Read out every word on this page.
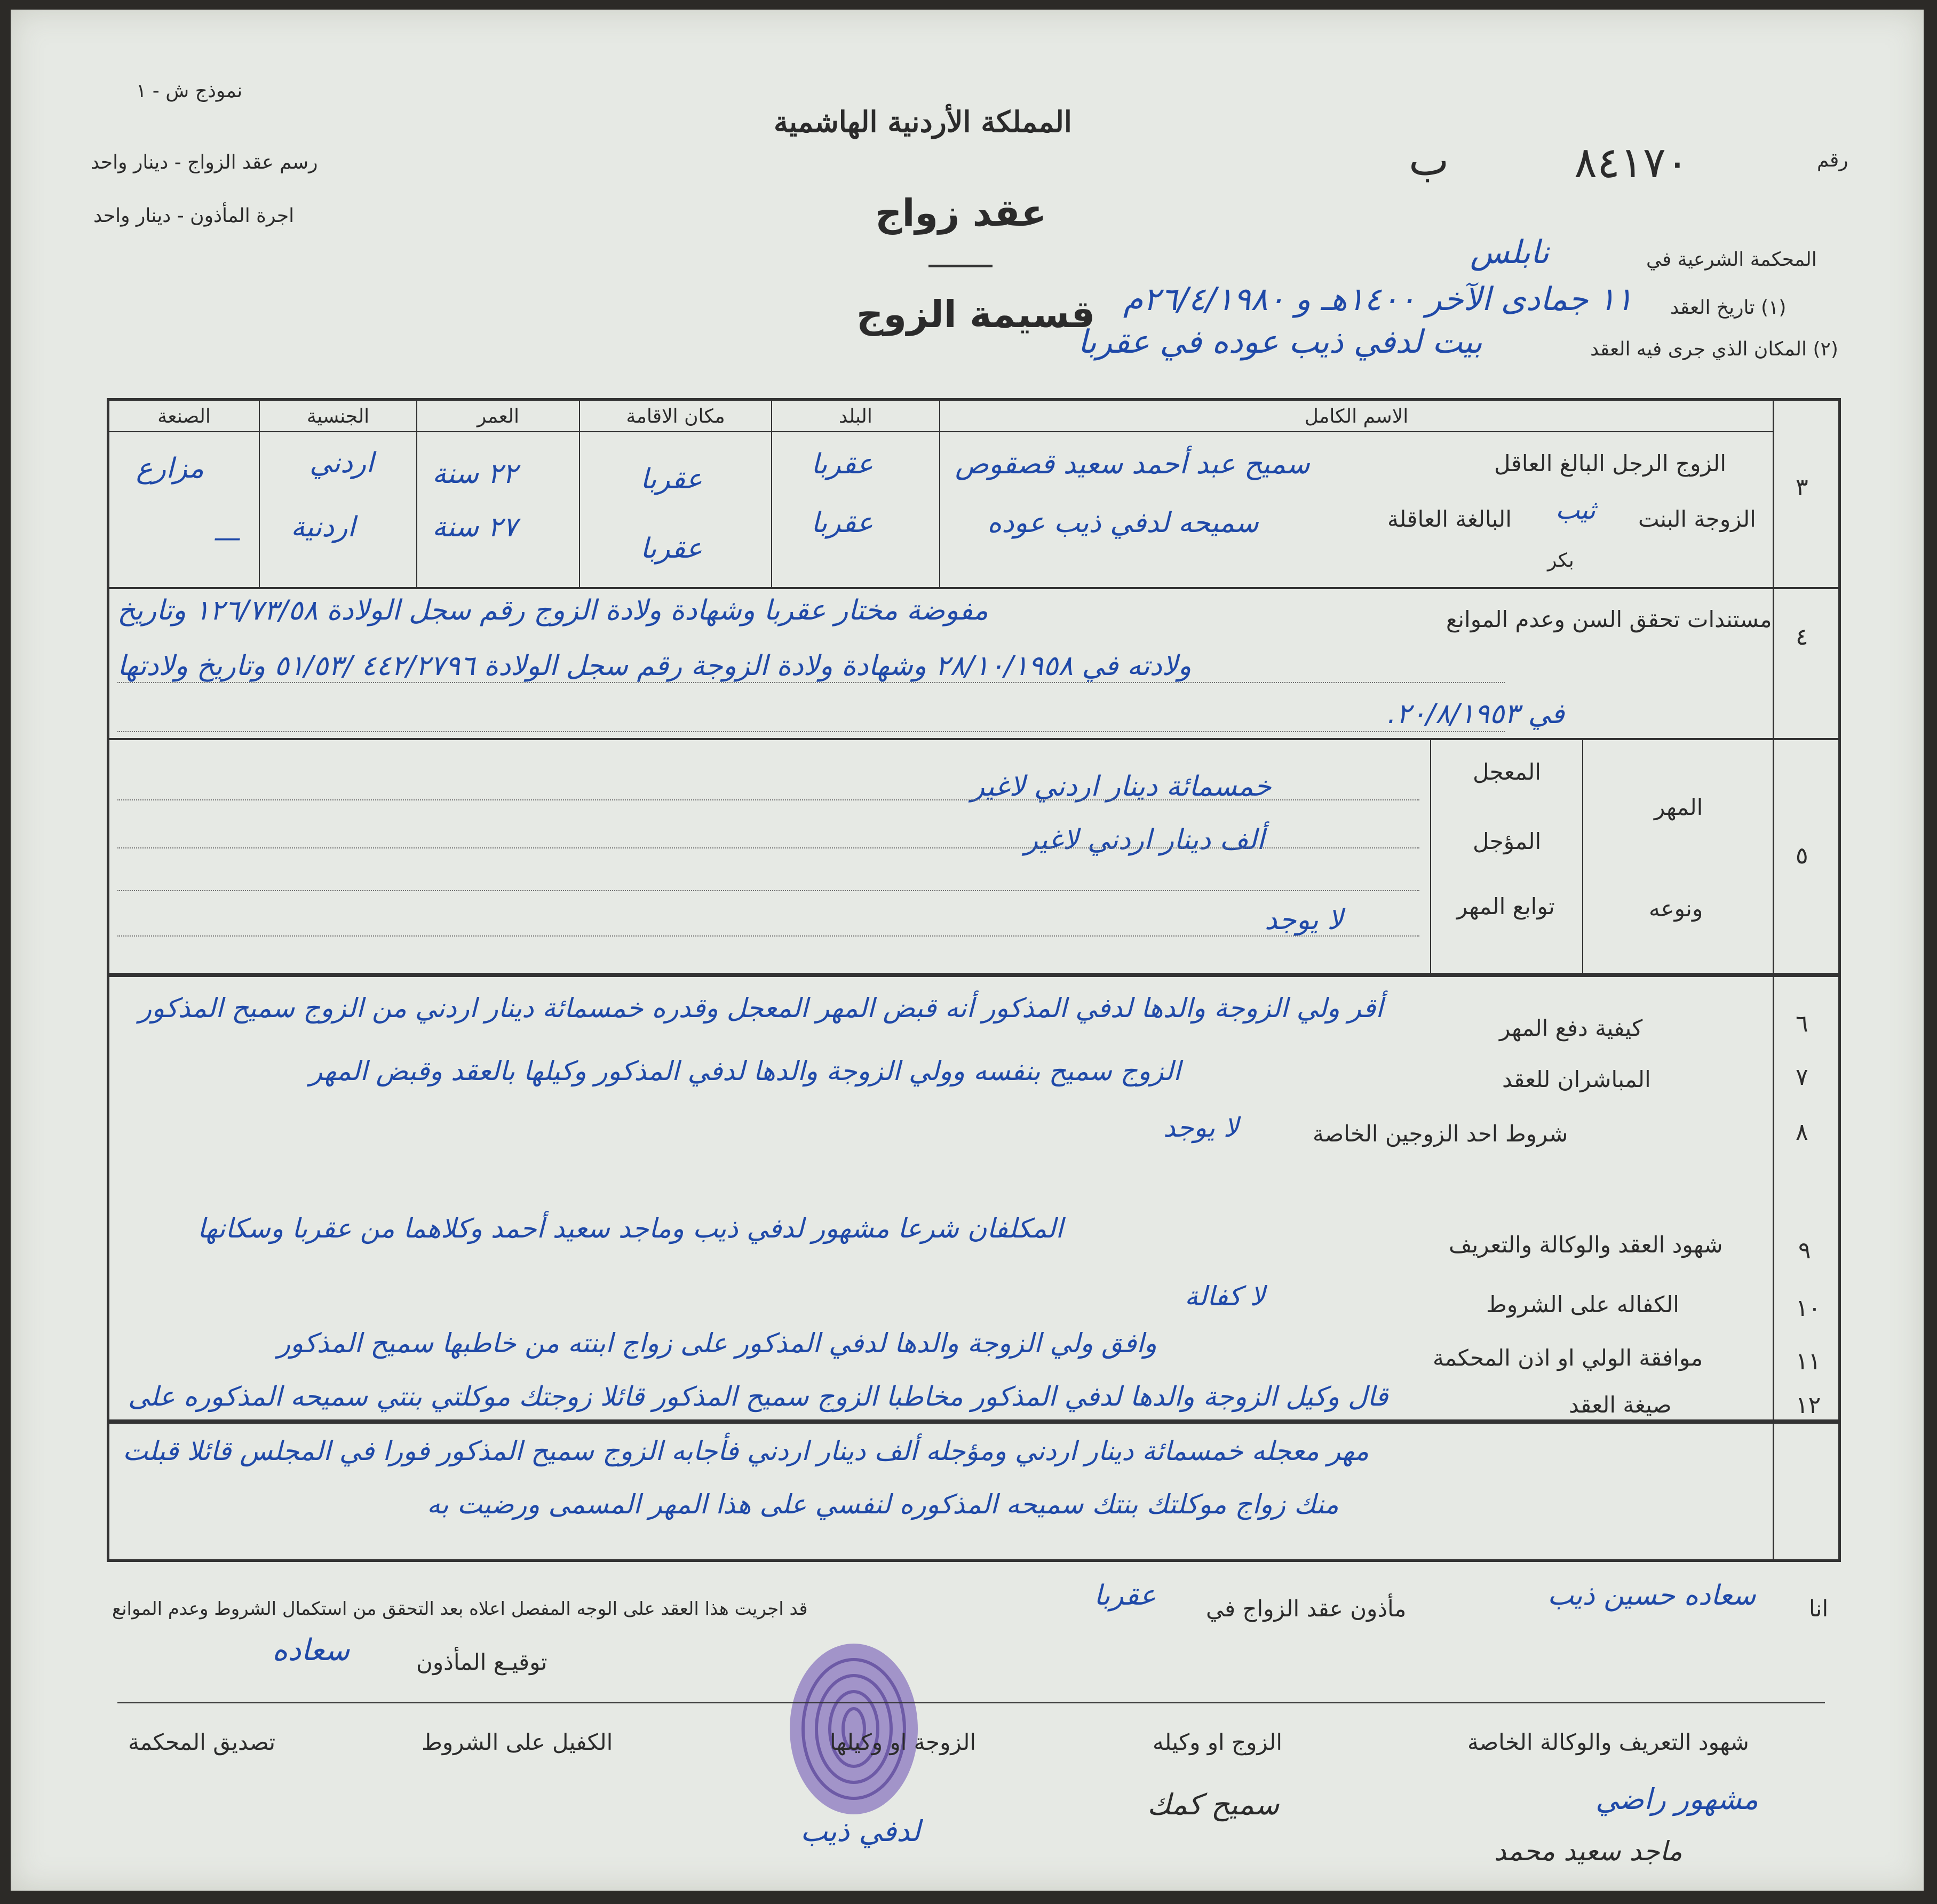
نموذج ش - ١
رسم عقد الزواج - دينار واحد
اجرة المأذون - دينار واحد
المملكة الأردنية الهاشمية
عقد زواج
قسيمة الزوج
رقم
٨٤١٧٠
ب
المحكمة الشرعية في
نابلس
(١) تاريخ العقد
١١ جمادى الآخر ١٤٠٠هـ و ٢٦/٤/١٩٨٠م
(٢) المكان الذي جرى فيه العقد
بيت لدفي ذيب عوده في عقربا
الاسم الكامل
البلد
مكان الاقامة
العمر
الجنسية
الصنعة
٣
الزوج الرجل البالغ العاقل
الزوجة البنت
ثيب
البالغة العاقلة
بكر
سميح عبد أحمد سعيد قصقوص
عقربا
عقربا
٢٢ سنة
اردني
مزارع
سميحه لدفي ذيب عوده
عقربا
عقربا
٢٧ سنة
اردنية
—
٤
مستندات تحقق السن وعدم الموانع
مفوضة مختار عقربا وشهادة ولادة الزوج رقم سجل الولادة ١٢٦/٧٣/٥٨ وتاريخ
ولادته في ٢٨/١٠/١٩٥٨ وشهادة ولادة الزوجة رقم سجل الولادة ٤٤٢/٢٧٩٦ /٥١/٥٣ وتاريخ ولادتها
في ٢٠/٨/١٩٥٣.
٥
المهر
ونوعه
المعجل
المؤجل
توابع المهر
خمسمائة دينار اردني لاغير
ألف دينار اردني لاغير
لا يوجد
٦
كيفية دفع المهر
أقر ولي الزوجة والدها لدفي المذكور أنه قبض المهر المعجل وقدره خمسمائة دينار اردني من الزوج سميح المذكور
٧
المباشران للعقد
الزوج سميح بنفسه وولي الزوجة والدها لدفي المذكور وكيلها بالعقد وقبض المهر
٨
شروط احد الزوجين الخاصة
لا يوجد
٩
شهود العقد والوكالة والتعريف
المكلفان شرعا مشهور لدفي ذيب وماجد سعيد أحمد وكلاهما من عقربا وسكانها
١٠
الكفاله على الشروط
لا كفالة
١١
موافقة الولي او اذن المحكمة
وافق ولي الزوجة والدها لدفي المذكور على زواج ابنته من خاطبها سميح المذكور
١٢
صيغة العقد
قال وكيل الزوجة والدها لدفي المذكور مخاطبا الزوج سميح المذكور قائلا زوجتك موكلتي بنتي سميحه المذكوره على
مهر معجله خمسمائة دينار اردني ومؤجله ألف دينار اردني فأجابه الزوج سميح المذكور فورا في المجلس قائلا قبلت
منك زواج موكلتك بنتك سميحه المذكوره لنفسي على هذا المهر المسمى ورضيت به
انا
سعاده حسين ذيب
مأذون عقد الزواج في
عقربا
قد اجريت هذا العقد على الوجه المفصل اعلاه بعد التحقق من استكمال الشروط وعدم الموانع
توقيـع المأذون
سعاده
شهود التعريف والوكالة الخاصة
الزوج او وكيله
الزوجة او وكيلها
الكفيل على الشروط
تصديق المحكمة
سميح كمك
لدفي ذيب
مشهور راضي
ماجد سعيد محمد
